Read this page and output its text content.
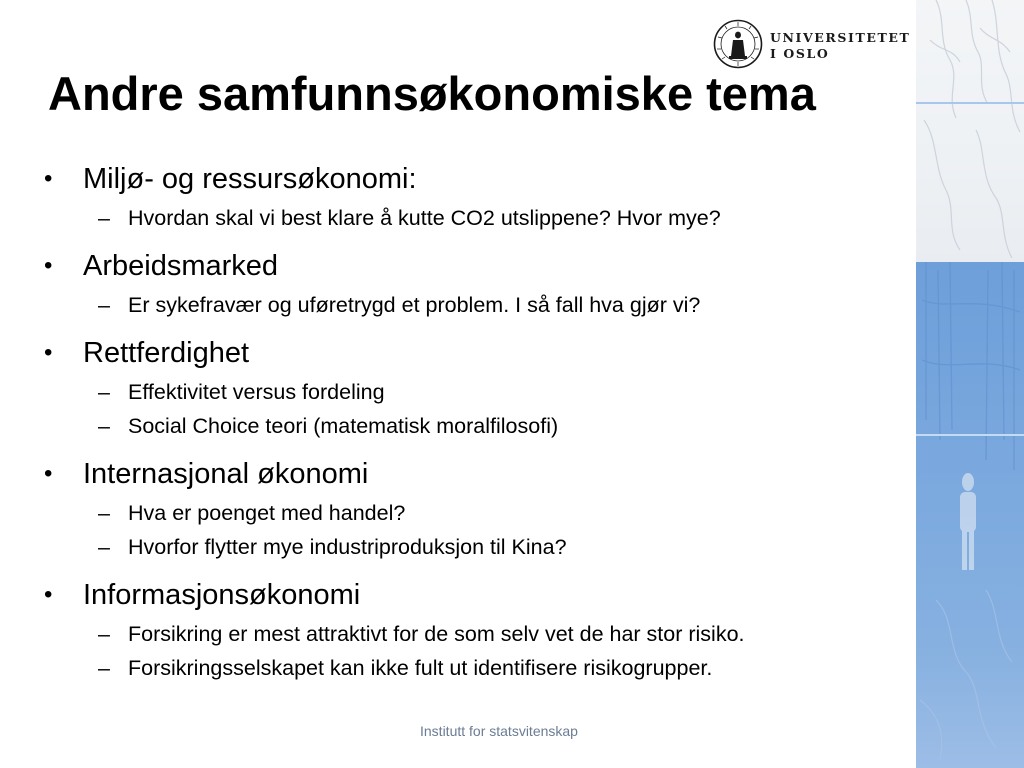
UNIVERSITETET
I OSLO
Andre samfunnsøkonomiske tema
• Miljø- og ressursøkonomi:
– Hvordan skal vi best klare å kutte CO2 utslippene? Hvor mye?
• Arbeidsmarked
– Er sykefravær og uføretrygd et problem. I så fall hva gjør vi?
• Rettferdighet
– Effektivitet versus fordeling
– Social Choice teori (matematisk moralfilosofi)
• Internasjonal økonomi
– Hva er poenget med handel?
– Hvorfor flytter mye industriproduksjon til Kina?
• Informasjonsøkonomi
– Forsikring er mest attraktivt for de som selv vet de har stor risiko.
– Forsikringsselskapet kan ikke fult ut identifisere risikogrupper.
Institutt for statsvitenskap
